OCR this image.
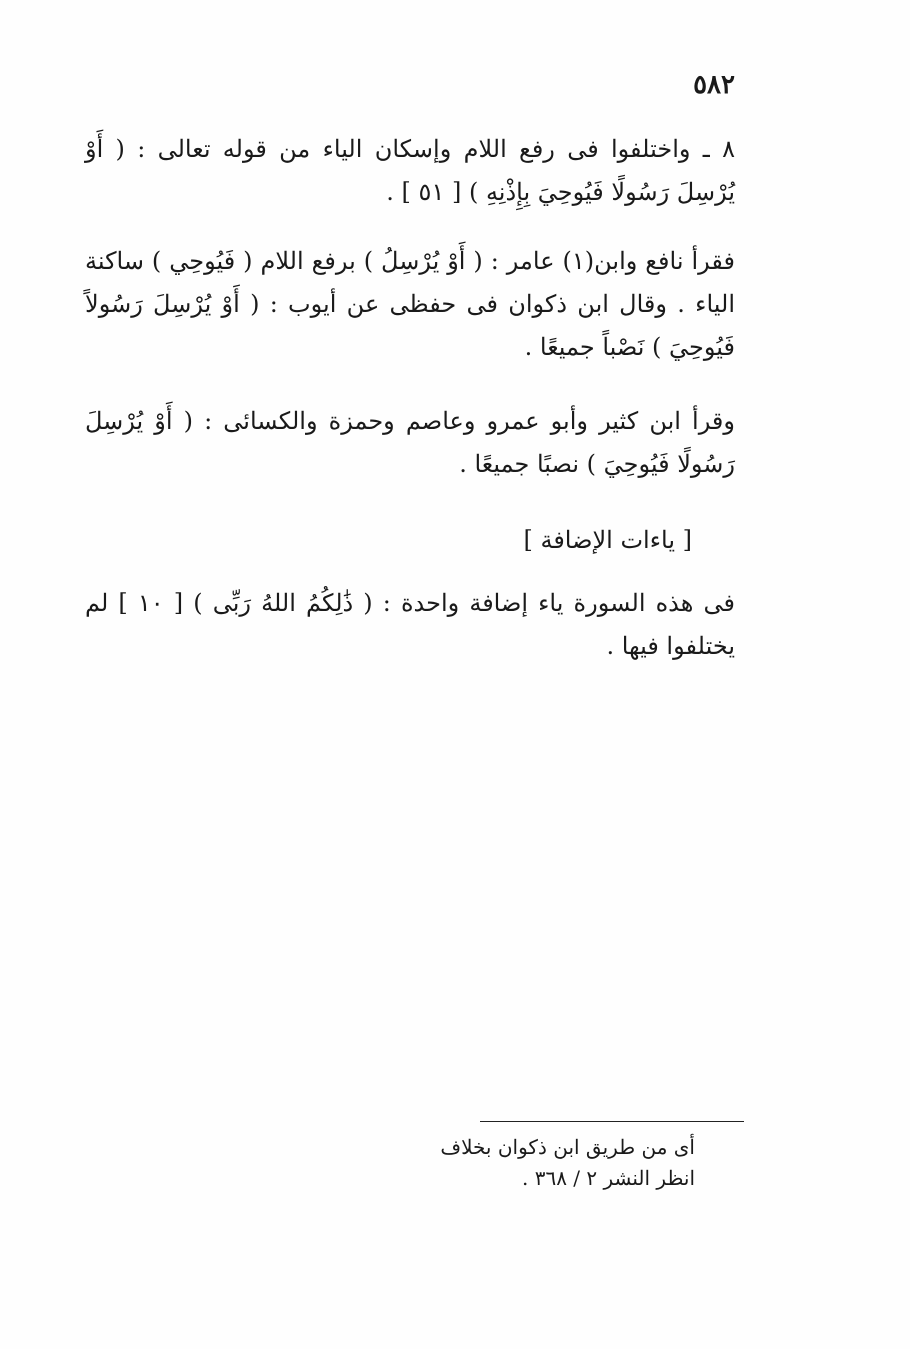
٥٨٢

٨ ـ واختلفوا فى رفع اللام وإسكان الياء من قوله تعالى : ( أَوْ يُرْسِلَ رَسُولًا فَيُوحِيَ بِإِذْنِهِ ) [ ٥١ ] .

فقرأ نافع وابن(١) عامر : ( أَوْ يُرْسِلُ ) برفع اللام ( فَيُوحِي ) ساكنة الياء . وقال ابن ذكوان فى حفظى عن أيوب : ( أَوْ يُرْسِلَ رَسُولاً فَيُوحِيَ ) نَصْباً جميعًا .

وقرأ ابن كثير وأبو عمرو وعاصم وحمزة والكسائى : ( أَوْ يُرْسِلَ رَسُولًا فَيُوحِيَ ) نصبًا جميعًا .

[ ياءات الإضافة ]

فى هذه السورة ياء إضافة واحدة : ( ذَٰلِكُمُ اللهُ رَبِّى ) [ ١٠ ] لم يختلفوا فيها .

أى من طريق ابن ذكوان بخلاف
انظر النشر ٢ / ٣٦٨ .
